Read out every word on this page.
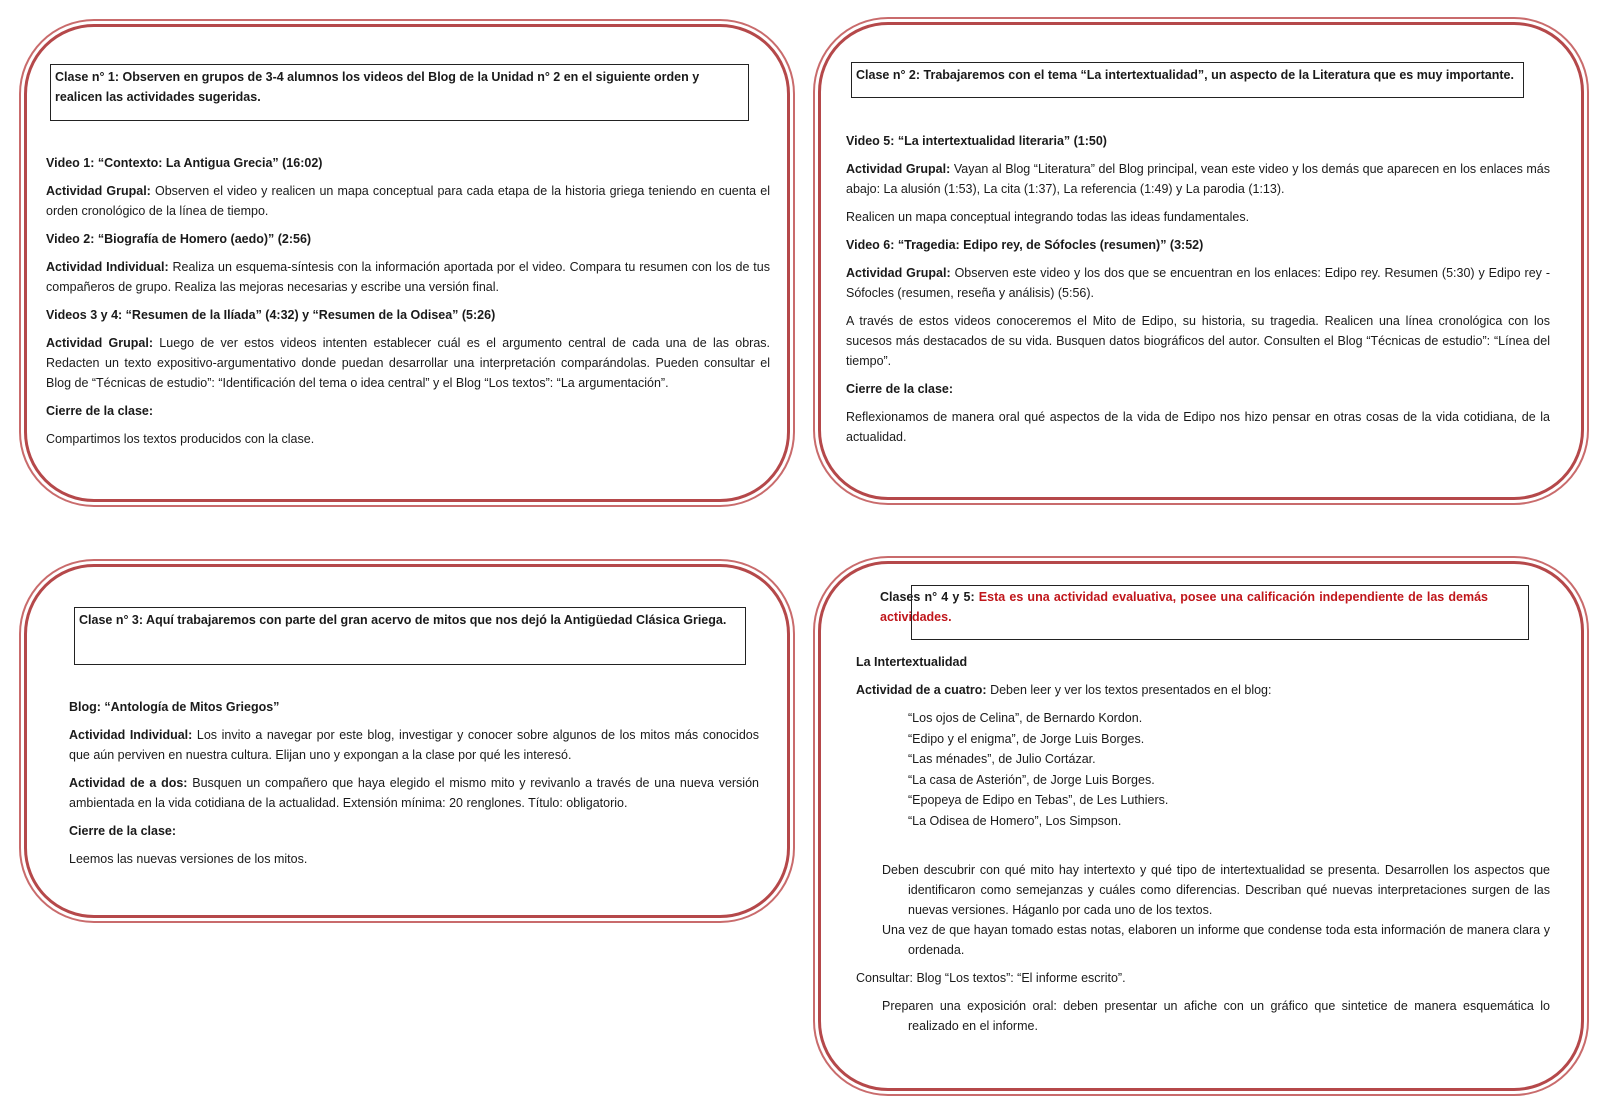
Clase n° 1: Observen en grupos de 3-4 alumnos los videos del Blog de la Unidad n° 2 en el siguiente orden y realicen las actividades sugeridas.

Video 1: “Contexto: La Antigua Grecia” (16:02)

Actividad Grupal: Observen el video y realicen un mapa conceptual para cada etapa de la historia griega teniendo en cuenta el orden cronológico de la línea de tiempo.

Video 2: “Biografía de Homero (aedo)” (2:56)

Actividad Individual: Realiza un esquema-síntesis con la información aportada por el video. Compara tu resumen con los de tus compañeros de grupo. Realiza las mejoras necesarias y escribe una versión final.

Videos 3 y 4: “Resumen de la Ilíada” (4:32) y “Resumen de la Odisea” (5:26)

Actividad Grupal: Luego de ver estos videos intenten establecer cuál es el argumento central de cada una de las obras. Redacten un texto expositivo-argumentativo donde puedan desarrollar una interpretación comparándolas. Pueden consultar el Blog de “Técnicas de estudio”: “Identificación del tema o idea central” y el Blog “Los textos”: “La argumentación”.

Cierre de la clase:

Compartimos los textos producidos con la clase.

Clase n° 2: Trabajaremos con el tema “La intertextualidad”, un aspecto de la Literatura que es muy importante.

Video 5: “La intertextualidad literaria” (1:50)

Actividad Grupal: Vayan al Blog “Literatura” del Blog principal, vean este video y los demás que aparecen en los enlaces más abajo: La alusión (1:53), La cita (1:37), La referencia (1:49) y La parodia (1:13).

Realicen un mapa conceptual integrando todas las ideas fundamentales.

Video 6: “Tragedia: Edipo rey, de Sófocles (resumen)” (3:52)

Actividad Grupal: Observen este video y los dos que se encuentran en los enlaces: Edipo rey. Resumen (5:30) y Edipo rey -Sófocles (resumen, reseña y análisis) (5:56).

A través de estos videos conoceremos el Mito de Edipo, su historia, su tragedia. Realicen una línea cronológica con los sucesos más destacados de su vida. Busquen datos biográficos del autor. Consulten el Blog “Técnicas de estudio”: “Línea del tiempo”.

Cierre de la clase:

Reflexionamos de manera oral qué aspectos de la vida de Edipo nos hizo pensar en otras cosas de la vida cotidiana, de la actualidad.

Clase n° 3: Aquí trabajaremos con parte del gran acervo de mitos que nos dejó la Antigüedad Clásica Griega.

Blog: “Antología de Mitos Griegos”

Actividad Individual: Los invito a navegar por este blog, investigar y conocer sobre algunos de los mitos más conocidos que aún perviven en nuestra cultura. Elijan uno y expongan a la clase por qué les interesó.

Actividad de a dos: Busquen un compañero que haya elegido el mismo mito y revivanlo a través de una nueva versión ambientada en la vida cotidiana de la actualidad. Extensión mínima: 20 renglones. Título: obligatorio.

Cierre de la clase:

Leemos las nuevas versiones de los mitos.

Clases n° 4 y 5: Esta es una actividad evaluativa, posee una calificación independiente de las demás actividades.

La Intertextualidad

Actividad de a cuatro: Deben leer y ver los textos presentados en el blog:

“Los ojos de Celina”, de Bernardo Kordon.
“Edipo y el enigma”, de Jorge Luis Borges.
“Las ménades”, de Julio Cortázar.
“La casa de Asterión”, de Jorge Luis Borges.
“Epopeya de Edipo en Tebas”, de Les Luthiers.
“La Odisea de Homero”, Los Simpson.

Deben descubrir con qué mito hay intertexto y qué tipo de intertextualidad se presenta. Desarrollen los aspectos que identificaron como semejanzas y cuáles como diferencias. Describan qué nuevas interpretaciones surgen de las nuevas versiones. Háganlo por cada uno de los textos.

Una vez de que hayan tomado estas notas, elaboren un informe que condense toda esta información de manera clara y ordenada.

Consultar: Blog “Los textos”: “El informe escrito”.

Preparen una exposición oral: deben presentar un afiche con un gráfico que sintetice de manera esquemática lo realizado en el informe.
